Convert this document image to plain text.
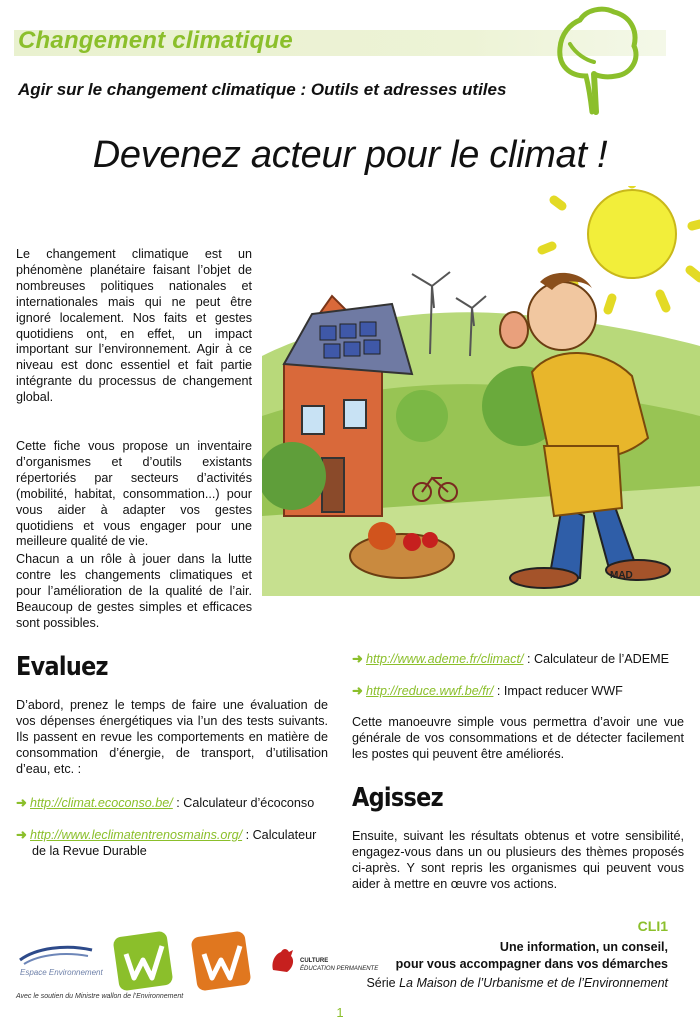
Changement climatique
Agir sur le changement climatique : Outils et adresses utiles
Devenez acteur pour le climat !
MAD
Le changement climatique est un phénomène planétaire faisant l’objet de nombreuses politiques nationales et internationales mais qui ne peut être ignoré localement. Nos faits et gestes quotidiens ont, en effet, un impact important sur l’environnement. Agir à ce niveau est donc essentiel et fait partie intégrante du processus de changement global.
Cette fiche vous propose un inventaire d’organismes et d’outils existants répertoriés par secteurs d’activités (mobilité, habitat, consommation...) pour vous aider à adapter vos gestes quotidiens et vous engager pour une meilleure qualité de vie.
Chacun a un rôle à jouer dans la lutte contre les changements climatiques et pour l’amélioration de la qualité de l’air. Beaucoup de gestes simples et efficaces sont possibles.
Evaluez
D’abord, prenez le temps de faire une évaluation de vos dépenses énergétiques via l’un des tests suivants. Ils passent en revue les comportements en matière de consommation d’énergie, de transport, d’utilisation d’eau, etc. :
➜ http://climat.ecoconso.be/ : Calculateur d’écoconso
➜ http://www.leclimatentrenosmains.org/ : Calculateur
de la Revue Durable
➜ http://www.ademe.fr/climact/ : Calculateur de l’ADEME
➜ http://reduce.wwf.be/fr/ : Impact reducer WWF
Cette manoeuvre simple vous permettra d’avoir une vue générale de vos consommations et de détecter facilement les postes qui peuvent être améliorés.
Agissez
Ensuite, suivant les résultats obtenus et votre sensibilité, engagez-vous dans un ou plusieurs des thèmes proposés ci-après. Y sont repris les organismes qui peuvent vous aider à mettre en œuvre vos actions.
Espace Environnement
Avec le soutien du Ministre wallon de l’Environnement
CULTURE
ÉDUCATION PERMANENTE
CLI1
Une information, un conseil,
pour vous accompagner dans vos démarches
Série La Maison de l’Urbanisme et de l’Environnement
1
